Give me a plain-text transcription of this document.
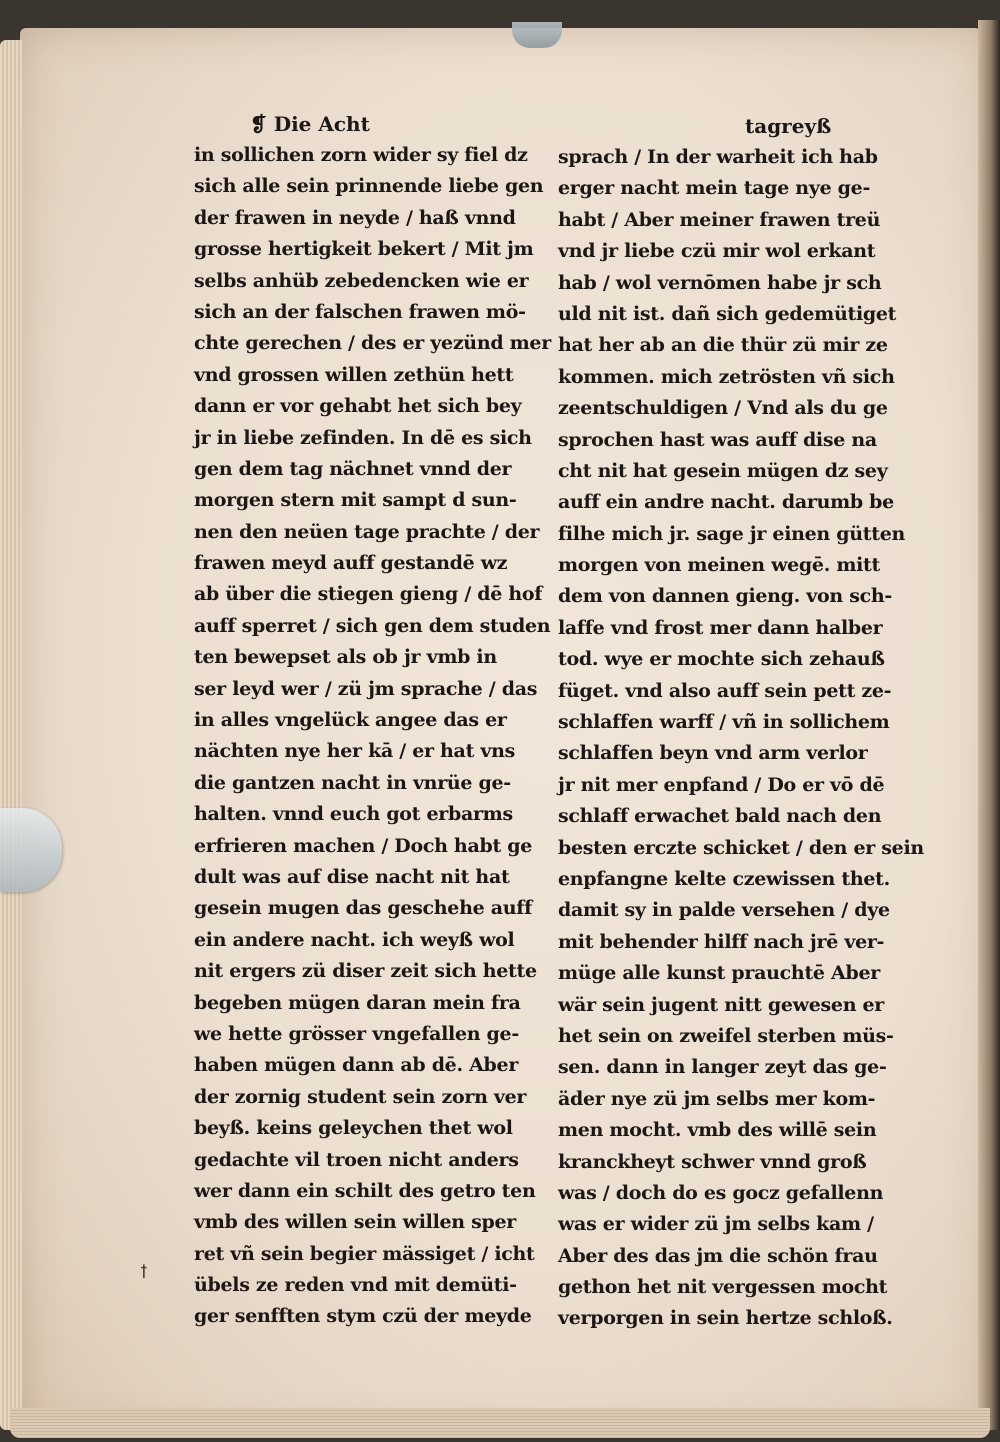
❡ Die Acht	tagreyß
in sollichen zorn wider sy fiel dz
sich alle sein prinnende liebe gen
der frawen in neyde / haß vnnd
grosse hertigkeit bekert / Mit jm
selbs anhüb zebedencken wie er
sich an der falschen frawen mö-
chte gerechen / des er yezünd mer
vnd grossen willen zethün hett
dann er vor gehabt het sich bey
jr in liebe zefinden. In dē es sich
gen dem tag nächnet vnnd der
morgen stern mit sampt d sun-
nen den neüen tage prachte / der
frawen meyd auff gestandē wz
ab über die stiegen gieng / dē hof
auff sperret / sich gen dem studen
ten bewepset als ob jr vmb in
ser leyd wer / zü jm sprache / das
in alles vngelück angee das er
nächten nye her kā / er hat vns
die gantzen nacht in vnrüe ge-
halten. vnnd euch got erbarms
erfrieren machen / Doch habt ge
dult was auf dise nacht nit hat
gesein mugen das geschehe auff
ein andere nacht. ich weyß wol
nit ergers zü diser zeit sich hette
begeben mügen daran mein fra
we hette grösser vngefallen ge-
haben mügen dann ab dē. Aber
der zornig student sein zorn ver
beyß. keins geleychen thet wol
gedachte vil troen nicht anders
wer dann ein schilt des getro ten
vmb des willen sein willen sper
ret vñ sein begier mässiget / icht
übels ze reden vnd mit demüti-
ger senfften stym czü der meyde
sprach / In der warheit ich hab
erger nacht mein tage nye ge-
habt / Aber meiner frawen treü
vnd jr liebe czü mir wol erkant
hab / wol vernōmen habe jr sch
uld nit ist. dañ sich gedemütiget
hat her ab an die thür zü mir ze
kommen. mich zetrösten vñ sich
zeentschuldigen / Vnd als du ge
sprochen hast was auff dise na
cht nit hat gesein mügen dz sey
auff ein andre nacht. darumb be
filhe mich jr. sage jr einen gütten
morgen von meinen wegē. mitt
dem von dannen gieng. von sch-
laffe vnd frost mer dann halber
tod. wye er mochte sich zehauß
füget. vnd also auff sein pett ze-
schlaffen warff / vñ in sollichem
schlaffen beyn vnd arm verlor
jr nit mer enpfand / Do er vō dē
schlaff erwachet bald nach den
besten erczte schicket / den er sein
enpfangne kelte czewissen thet.
damit sy in palde versehen / dye
mit behender hilff nach jrē ver-
müge alle kunst prauchtē Aber
wär sein jugent nitt gewesen er
het sein on zweifel sterben müs-
sen. dann in langer zeyt das ge-
äder nye zü jm selbs mer kom-
men mocht. vmb des willē sein
kranckheyt schwer vnnd groß
was / doch do es gocz gefallenn
was er wider zü jm selbs kam /
Aber des das jm die schön frau
gethon het nit vergessen mocht
verporgen in sein hertze schloß.
ꝉ
